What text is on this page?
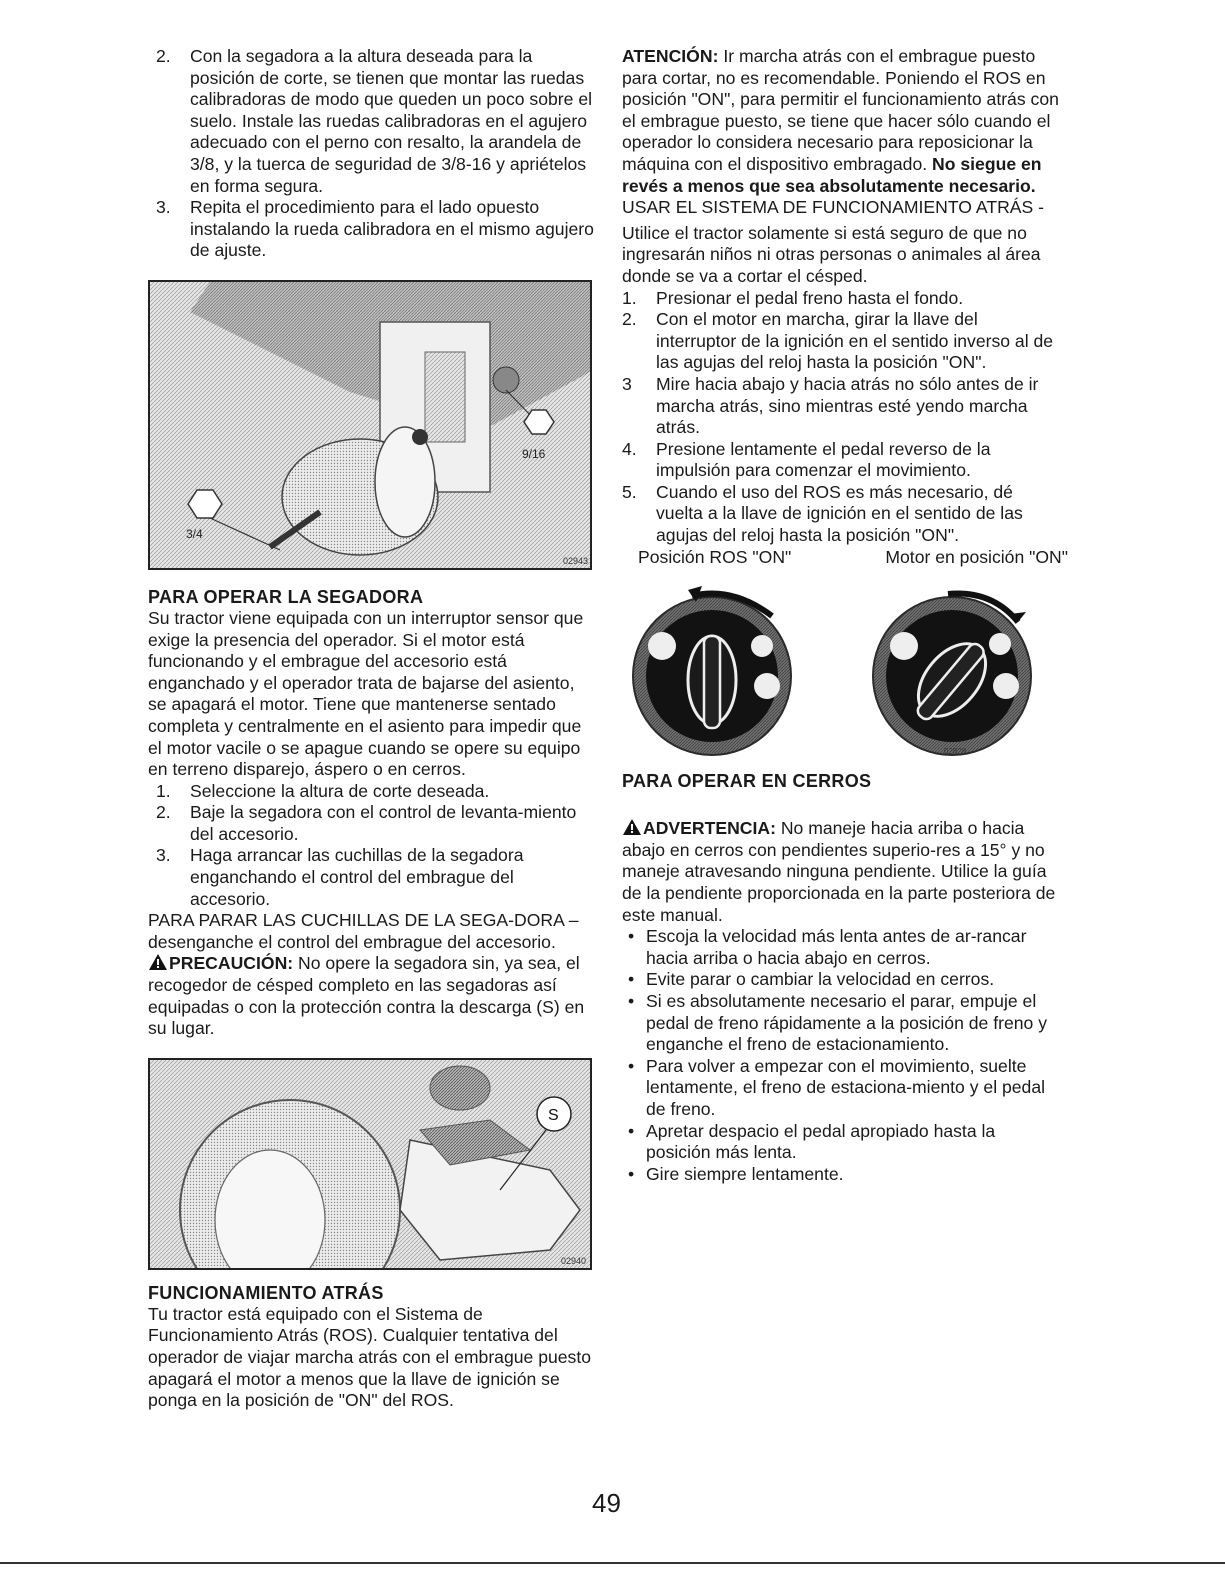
2. Con la segadora a la altura deseada para la posición de corte, se tienen que montar las ruedas calibradoras de modo que queden un poco sobre el suelo. Instale las ruedas calibradoras en el agujero adecuado con el perno con resalto, la arandela de 3/8, y la tuerca de seguridad de 3/8-16 y apriételos en forma segura.
3. Repita el procedimiento para el lado opuesto instalando la rueda calibradora en el mismo agujero de ajuste.
9/16
3/4
02943

PARA OPERAR LA SEGADORA

Su tractor viene equipada con un interruptor sensor que exige la presencia del operador. Si el motor está funcionando y el embrague del accesorio está enganchado y el operador trata de bajarse del asiento, se apagará el motor. Tiene que mantenerse sentado completa y centralmente en el asiento para impedir que el motor vacile o se apague cuando se opere su equipo en terreno disparejo, áspero o en cerros.

1. Seleccione la altura de corte deseada.
2. Baje la segadora con el control de levanta-miento del accesorio.
3. Haga arrancar las cuchillas de la segadora enganchando el control del embrague del accesorio.

PARA PARAR LAS CUCHILLAS DE LA SEGA-DORA – desenganche el control del embrague del accesorio.

PRECAUCIÓN: No opere la segadora sin, ya sea, el recogedor de césped completo en las segadoras así equipadas o con la protección contra la descarga (S) en su lugar.

S
02940

FUNCIONAMIENTO ATRÁS

Tu tractor está equipado con el Sistema de Funcionamiento Atrás (ROS). Cualquier tentativa del operador de viajar marcha atrás con el embrague puesto apagará el motor a menos que la llave de ignición se ponga en la posición de "ON" del ROS.

ATENCIÓN: Ir marcha atrás con el embrague puesto para cortar, no es recomendable. Poniendo el ROS en posición "ON", para permitir el funcionamiento atrás con el embrague puesto, se tiene que hacer sólo cuando el operador lo considera necesario para reposicionar la máquina con el dispositivo embragado. No siegue en revés a menos que sea absolutamente necesario.

USAR EL SISTEMA DE FUNCIONAMIENTO ATRÁS -

Utilice el tractor solamente si está seguro de que no ingresarán niños ni otras personas o animales al área donde se va a cortar el césped.

1. Presionar el pedal freno hasta el fondo.
2. Con el motor en marcha, girar la llave del interruptor de la ignición en el sentido inverso al de las agujas del reloj hasta la posición "ON".
3 Mire hacia abajo y hacia atrás no sólo antes de ir marcha atrás, sino mientras esté yendo marcha atrás.
4. Presione lentamente el pedal reverso de la impulsión para comenzar el movimiento.
5. Cuando el uso del ROS es más necesario, dé vuelta a la llave de ignición en el sentido de las agujas del reloj hasta la posición "ON".
Posición ROS "ON"	Motor en posición "ON"
02828

PARA OPERAR EN CERROS

ADVERTENCIA: No maneje hacia arriba o hacia abajo en cerros con pendientes superio-res a 15° y no maneje atravesando ninguna pendiente. Utilice la guía de la pendiente proporcionada en la parte posteriora de este manual.

• Escoja la velocidad más lenta antes de ar-rancar hacia arriba o hacia abajo en cerros.
• Evite parar o cambiar la velocidad en cerros.
• Si es absolutamente necesario el parar, empuje el pedal de freno rápidamente a la posición de freno y enganche el freno de estacionamiento.
• Para volver a empezar con el movimiento, suelte lentamente, el freno de estaciona-miento y el pedal de freno.
• Apretar despacio el pedal apropiado hasta la posición más lenta.
• Gire siempre lentamente.
49
